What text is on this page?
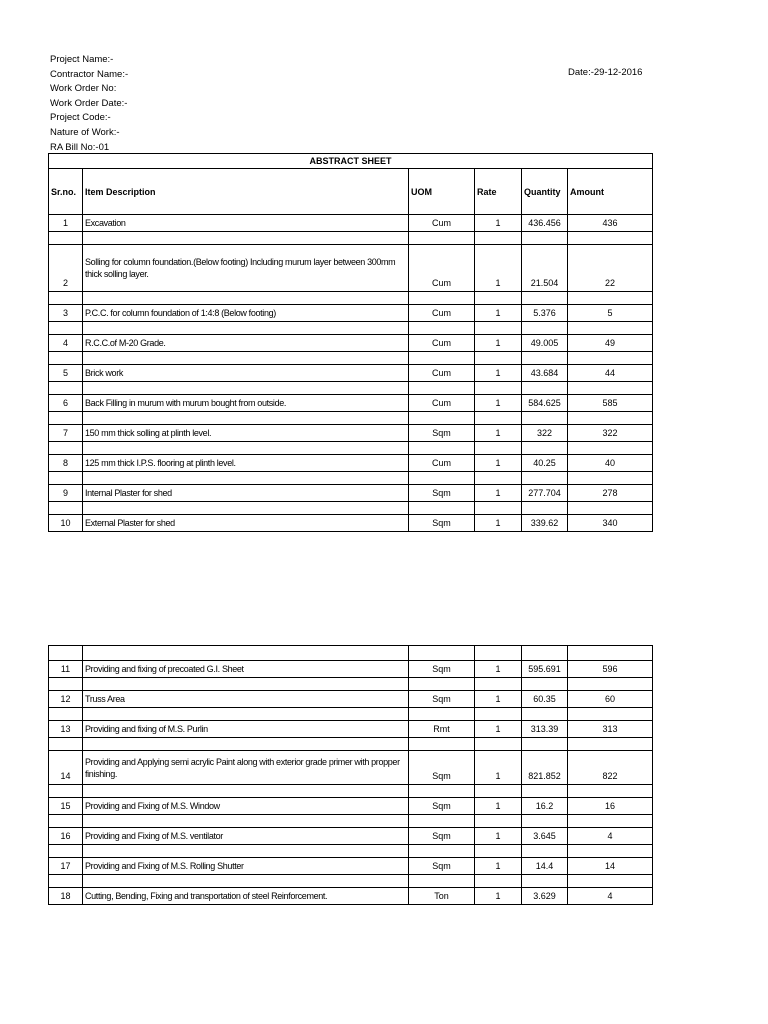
Project Name:-
Contractor Name:-
Work Order No:
Work Order Date:-
Project Code:-
Nature of Work:-
RA Bill No:-01
Date:-29-12-2016
ABSTRACT SHEET					
Sr.no.	Item Description	UOM	Rate	Quantity	Amount
1	Excavation	Cum	1	436.456	436

2	Solling for column foundation.(Below footing) Including murum layer between 300mm thick solling layer.	Cum	1	21.504	22

3	P.C.C. for column foundation of 1:4:8 (Below footing)	Cum	1	5.376	5

4	R.C.C.of M-20 Grade.	Cum	1	49.005	49

5	Brick work	Cum	1	43.684	44

6	Back Filling in murum with murum bought from outside.	Cum	1	584.625	585

7	150 mm thick solling at plinth level.	Sqm	1	322	322

8	125 mm thick I.P.S. flooring at plinth level.	Cum	1	40.25	40

9	Internal Plaster for shed	Sqm	1	277.704	278

10	External Plaster for shed	Sqm	1	339.62	340

11	Providing and fixing of precoated G.I. Sheet	Sqm	1	595.691	596

12	Truss Area	Sqm	1	60.35	60

13	Providing and fixing of M.S. Purlin	Rmt	1	313.39	313

14	Providing and Applying semi acrylic Paint along with exterior grade primer with propper finishing.	Sqm	1	821.852	822

15	Providing and Fixing of M.S. Window	Sqm	1	16.2	16

16	Providing and Fixing of M.S. ventilator	Sqm	1	3.645	4

17	Providing and Fixing of M.S. Rolling Shutter	Sqm	1	14.4	14

18	Cutting, Bending, Fixing and transportation of steel Reinforcement.	Ton	1	3.629	4
